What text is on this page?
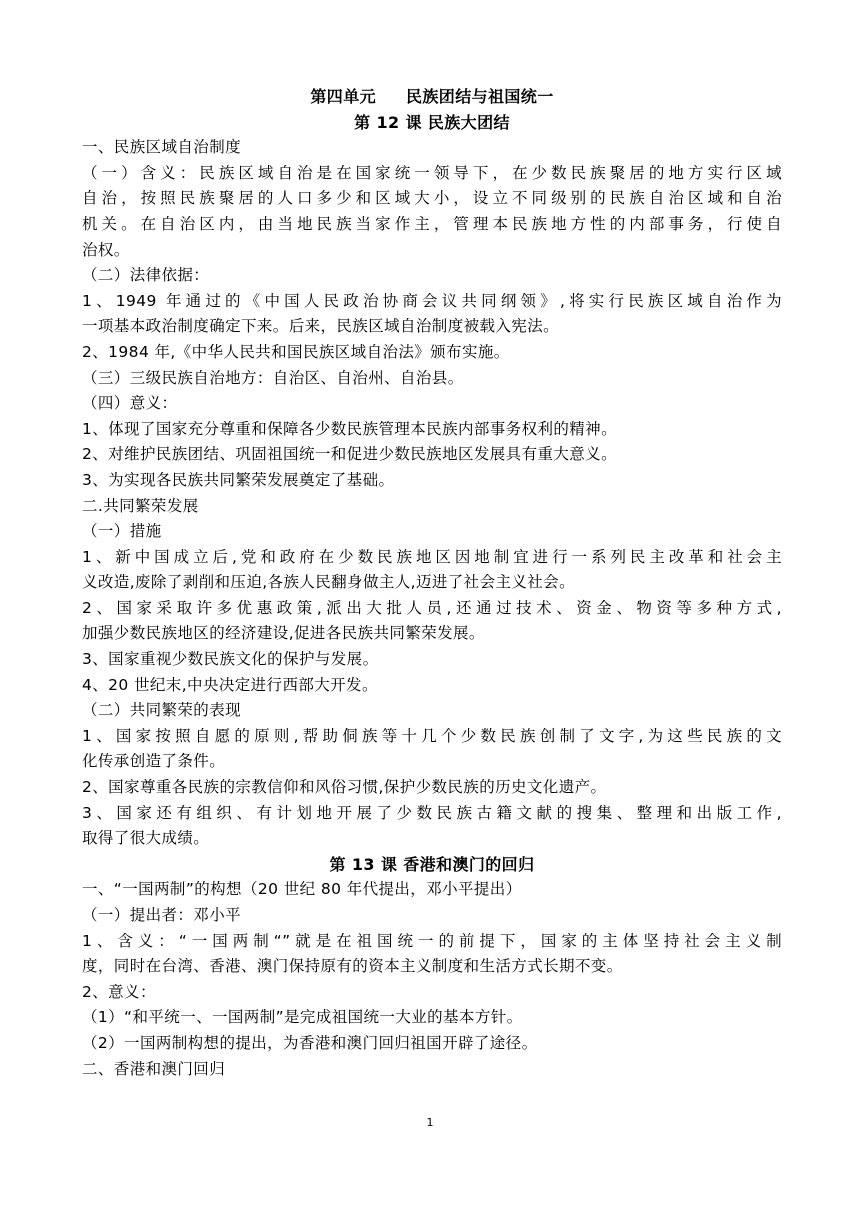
第四单元 民族团结与祖国统一
第 12 课 民族大团结
一、民族区域自治制度
（一）含义：民族区域自治是在国家统一领导下，在少数民族聚居的地方实行区域
自治，按照民族聚居的人口多少和区域大小，设立不同级别的民族自治区域和自治
机关。在自治区内，由当地民族当家作主，管理本民族地方性的内部事务，行使自
治权。
（二）法律依据：
1、1949 年通过的《中国人民政治协商会议共同纲领》,将实行民族区域自治作为
一项基本政治制度确定下来。后来，民族区域自治制度被载入宪法。
2、1984 年,《中华人民共和国民族区域自治法》颁布实施。
（三）三级民族自治地方：自治区、自治州、自治县。
（四）意义：
1、体现了国家充分尊重和保障各少数民族管理本民族内部事务权利的精神。
2、对维护民族团结、巩固祖国统一和促进少数民族地区发展具有重大意义。
3、为实现各民族共同繁荣发展奠定了基础。
二.共同繁荣发展
（一）措施
1、新中国成立后,党和政府在少数民族地区因地制宜进行一系列民主改革和社会主
义改造,废除了剥削和压迫,各族人民翻身做主人,迈进了社会主义社会。
2、国家采取许多优惠政策,派出大批人员,还通过技术、资金、物资等多种方式,
加强少数民族地区的经济建设,促进各民族共同繁荣发展。
3、国家重视少数民族文化的保护与发展。
4、20 世纪末,中央决定进行西部大开发。
（二）共同繁荣的表现
1、国家按照自愿的原则,帮助侗族等十几个少数民族创制了文字,为这些民族的文
化传承创造了条件。
2、国家尊重各民族的宗教信仰和风俗习惯,保护少数民族的历史文化遗产。
3、国家还有组织、有计划地开展了少数民族古籍文献的搜集、整理和出版工作,
取得了很大成绩。
第 13 课 香港和澳门的回归
一、“一国两制”的构想（20 世纪 80 年代提出，邓小平提出）
（一）提出者：邓小平
1、含义：“一国两制“”就是在祖国统一的前提下，国家的主体坚持社会主义制
度，同时在台湾、香港、澳门保持原有的资本主义制度和生活方式长期不变。
2、意义：
（1）“和平统一、一国两制”是完成祖国统一大业的基本方针。
（2）一国两制构想的提出，为香港和澳门回归祖国开辟了途径。
二、香港和澳门回归
1
